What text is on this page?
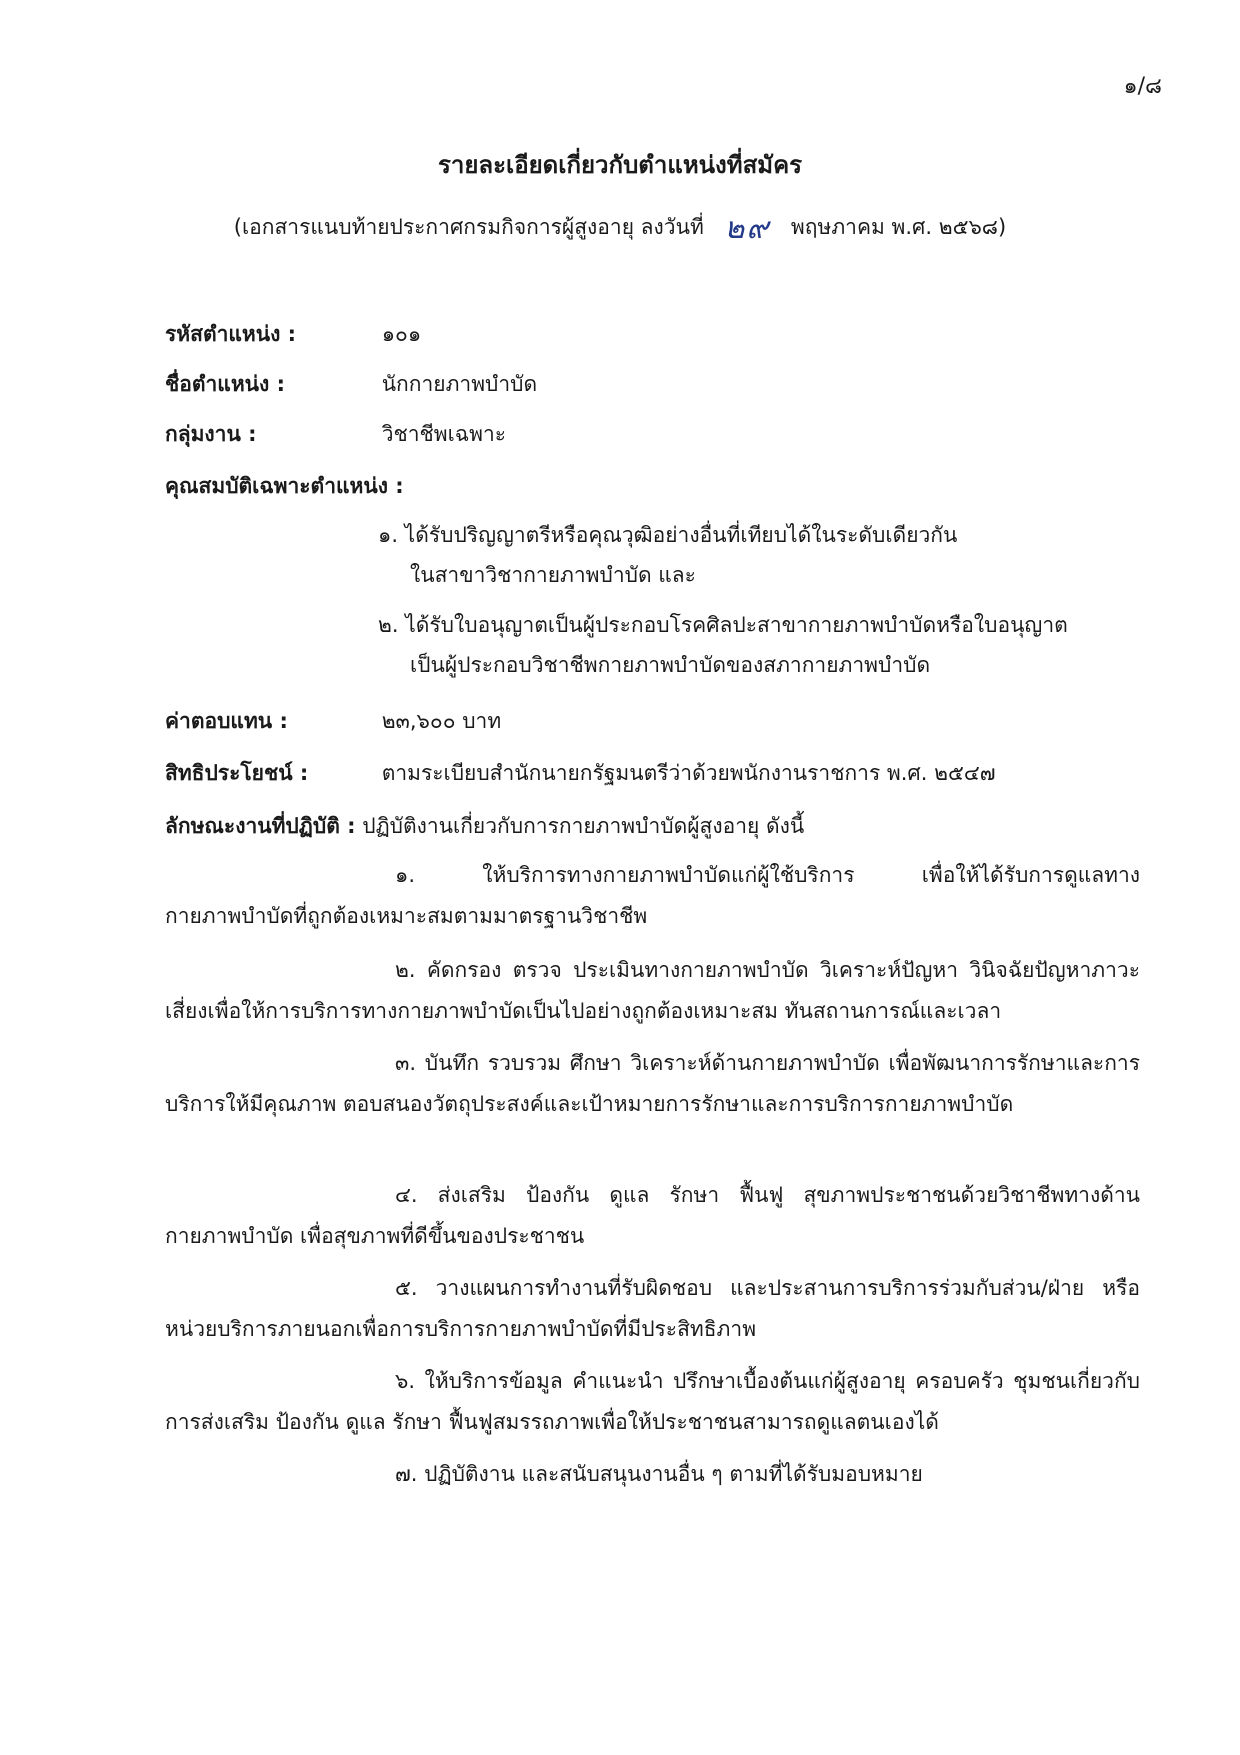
๑/๘
รายละเอียดเกี่ยวกับตำแหน่งที่สมัคร
(เอกสารแนบท้ายประกาศกรมกิจการผู้สูงอายุ ลงวันที่ ๒๙ พฤษภาคม พ.ศ. ๒๕๖๘)
รหัสตำแหน่ง :	๑๐๑
ชื่อตำแหน่ง :	นักกายภาพบำบัด
กลุ่มงาน :	วิชาชีพเฉพาะ
คุณสมบัติเฉพาะตำแหน่ง :
๑. ได้รับปริญญาตรีหรือคุณวุฒิอย่างอื่นที่เทียบได้ในระดับเดียวกัน
ในสาขาวิชากายภาพบำบัด และ
๒. ได้รับใบอนุญาตเป็นผู้ประกอบโรคศิลปะสาขากายภาพบำบัดหรือใบอนุญาต
เป็นผู้ประกอบวิชาชีพกายภาพบำบัดของสภากายภาพบำบัด
ค่าตอบแทน :	๒๓,๖๐๐ บาท
สิทธิประโยชน์ :	ตามระเบียบสำนักนายกรัฐมนตรีว่าด้วยพนักงานราชการ พ.ศ. ๒๕๔๗
ลักษณะงานที่ปฏิบัติ : ปฏิบัติงานเกี่ยวกับการกายภาพบำบัดผู้สูงอายุ ดังนี้
๑. ให้บริการทางกายภาพบำบัดแก่ผู้ใช้บริการ เพื่อให้ได้รับการดูแลทางกายภาพบำบัดที่ถูกต้องเหมาะสมตามมาตรฐานวิชาชีพ
๒. คัดกรอง ตรวจ ประเมินทางกายภาพบำบัด วิเคราะห์ปัญหา วินิจฉัยปัญหาภาวะเสี่ยงเพื่อให้การบริการทางกายภาพบำบัดเป็นไปอย่างถูกต้องเหมาะสม ทันสถานการณ์และเวลา
๓. บันทึก รวบรวม ศึกษา วิเคราะห์ด้านกายภาพบำบัด เพื่อพัฒนาการรักษาและการบริการให้มีคุณภาพ ตอบสนองวัตถุประสงค์และเป้าหมายการรักษาและการบริการกายภาพบำบัด
๔. ส่งเสริม ป้องกัน ดูแล รักษา ฟื้นฟู สุขภาพประชาชนด้วยวิชาชีพทางด้านกายภาพบำบัด เพื่อสุขภาพที่ดีขึ้นของประชาชน
๕. วางแผนการทำงานที่รับผิดชอบ และประสานการบริการร่วมกับส่วน/ฝ่าย หรือ หน่วยบริการภายนอกเพื่อการบริการกายภาพบำบัดที่มีประสิทธิภาพ
๖. ให้บริการข้อมูล คำแนะนำ ปรึกษาเบื้องต้นแก่ผู้สูงอายุ ครอบครัว ชุมชนเกี่ยวกับการส่งเสริม ป้องกัน ดูแล รักษา ฟื้นฟูสมรรถภาพเพื่อให้ประชาชนสามารถดูแลตนเองได้
๗. ปฏิบัติงาน และสนับสนุนงานอื่น ๆ ตามที่ได้รับมอบหมาย
